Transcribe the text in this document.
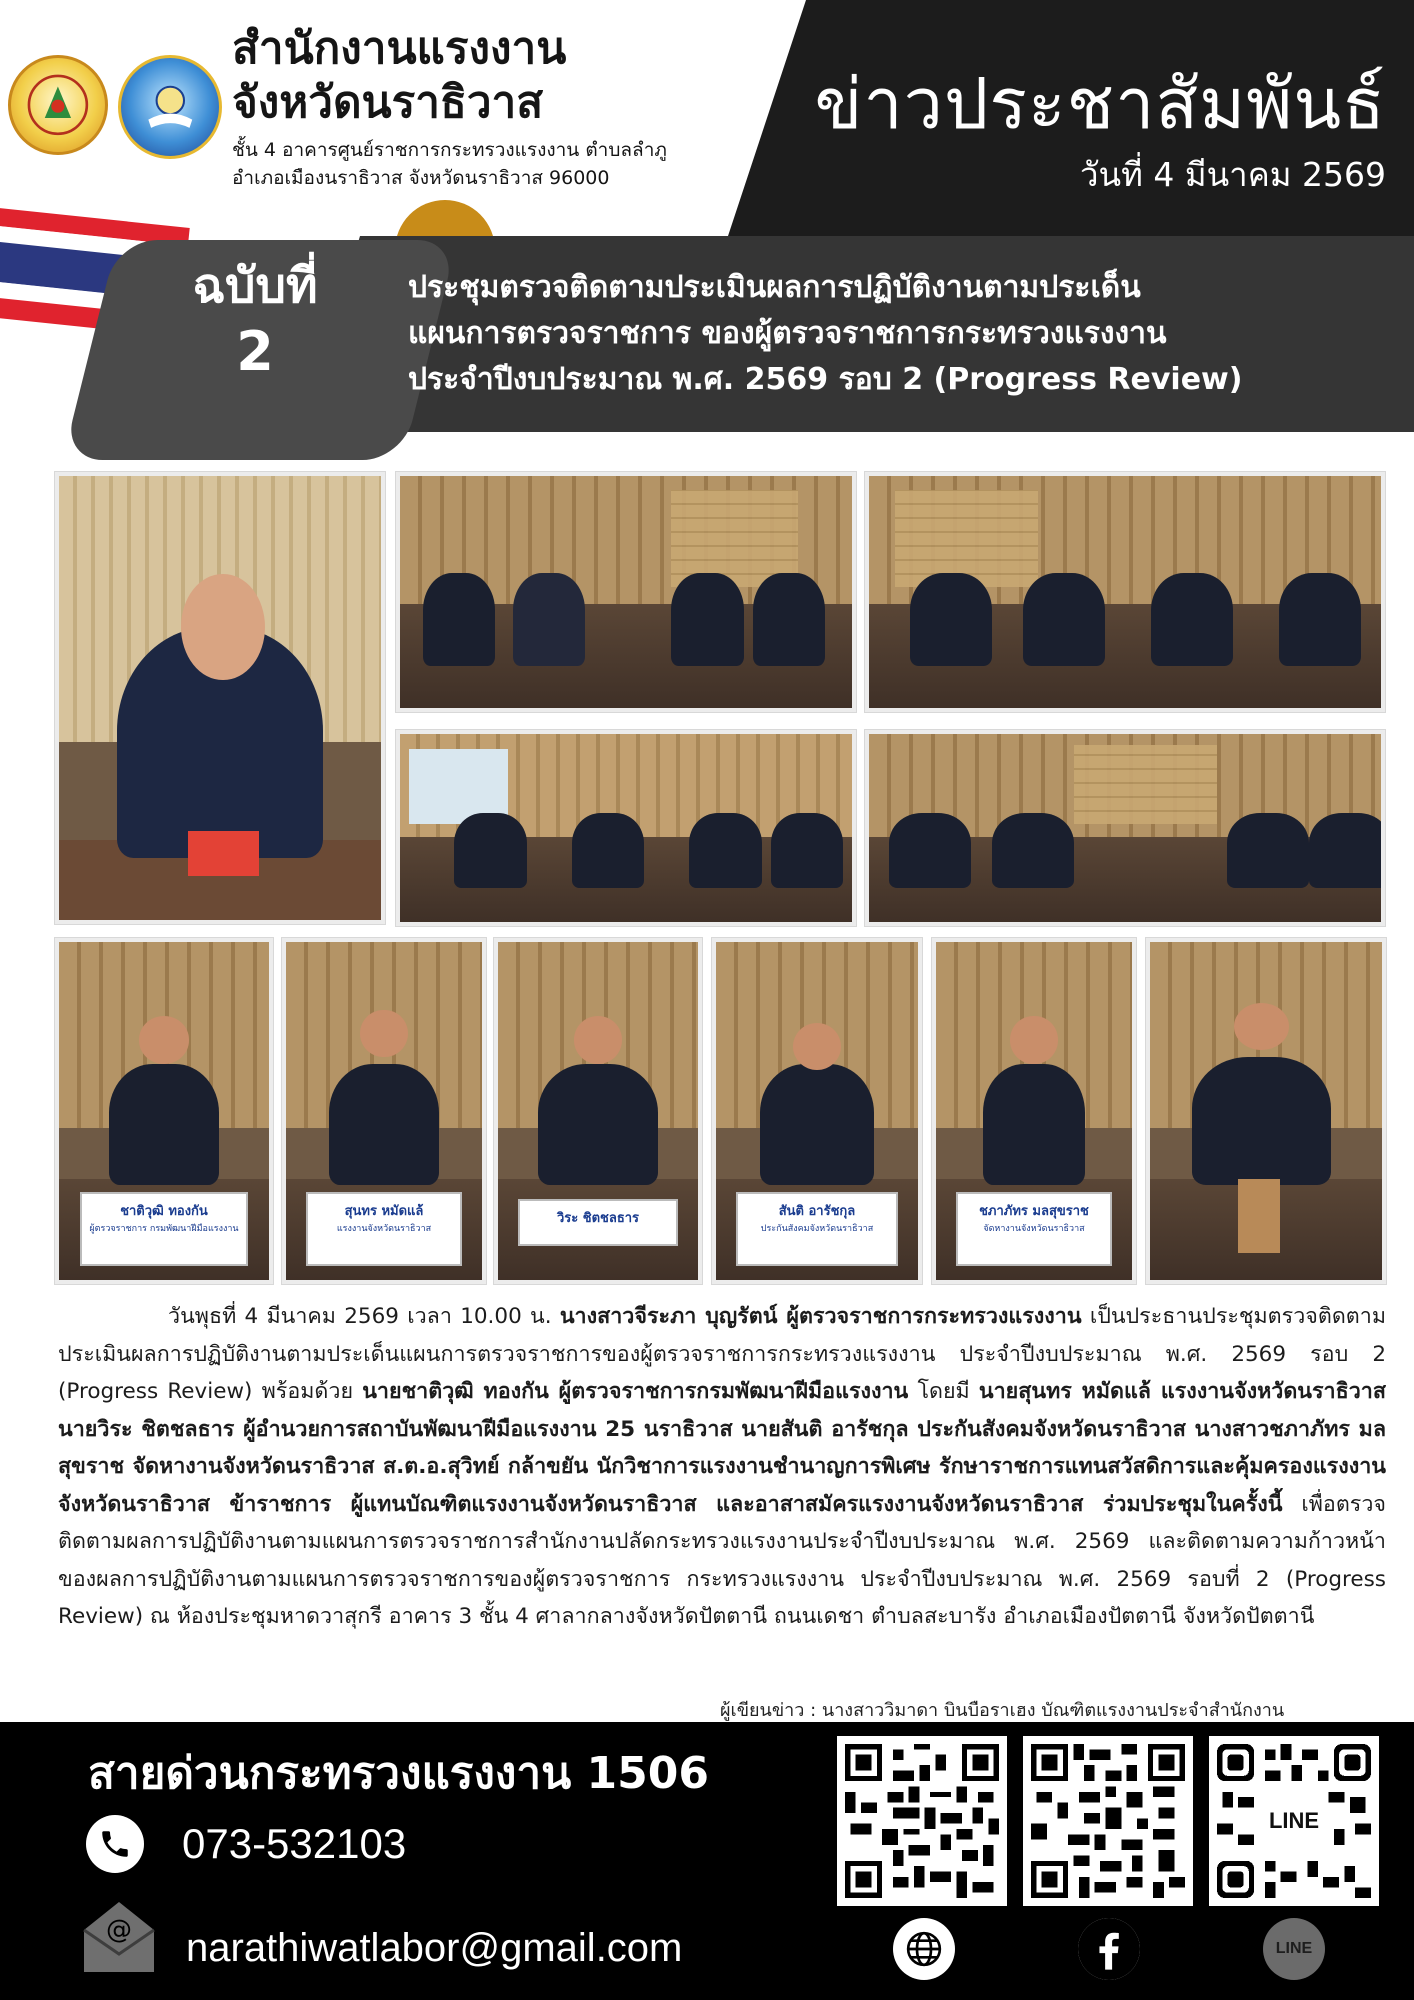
สำนักงานแรงงาน
จังหวัดนราธิวาส
ชั้น 4 อาคารศูนย์ราชการกระทรวงแรงงาน ตำบลลำภู
อำเภอเมืองนราธิวาส จังหวัดนราธิวาส 96000
ข่าวประชาสัมพันธ์
วันที่ 4 มีนาคม 2569
ฉบับที่
2
ประชุมตรวจติดตามประเมินผลการปฏิบัติงานตามประเด็น
แผนการตรวจราชการ ของผู้ตรวจราชการกระทรวงแรงงาน
ประจำปีงบประมาณ พ.ศ. 2569 รอบ 2 (Progress Review)
ชาติวุฒิ ทองกัน
ผู้ตรวจราชการ กรมพัฒนาฝีมือแรงงาน
สุนทร หมัดแล้
แรงงานจังหวัดนราธิวาส
วิระ ชิตชลธาร	สันติ อารัชกุล
ประกันสังคมจังหวัดนราธิวาส
ชภาภัทร มลสุขราช
จัดหางานจังหวัดนราธิวาส
วันพุธที่ 4 มีนาคม 2569 เวลา 10.00 น. นางสาวจีระภา บุญรัตน์ ผู้ตรวจราชการกระทรวงแรงงาน เป็นประธานประชุมตรวจติดตามประเมินผลการปฏิบัติงานตามประเด็นแผนการตรวจราชการของผู้ตรวจราชการกระทรวงแรงงาน ประจำปีงบประมาณ พ.ศ. 2569 รอบ 2 (Progress Review) พร้อมด้วย นายชาติวุฒิ ทองกัน ผู้ตรวจราชการกรมพัฒนาฝีมือแรงงาน โดยมี นายสุนทร หมัดแล้ แรงงานจังหวัดนราธิวาส นายวิระ ชิตชลธาร ผู้อำนวยการสถาบันพัฒนาฝีมือแรงงาน 25 นราธิวาส นายสันติ อารัชกุล ประกันสังคมจังหวัดนราธิวาส นางสาวชภาภัทร มลสุขราช จัดหางานจังหวัดนราธิวาส ส.ต.อ.สุวิทย์ กล้าขยัน นักวิชาการแรงงานชำนาญการพิเศษ รักษาราชการแทนสวัสดิการและคุ้มครองแรงงานจังหวัดนราธิวาส ข้าราชการ ผู้แทนบัณฑิตแรงงานจังหวัดนราธิวาส และอาสาสมัครแรงงานจังหวัดนราธิวาส ร่วมประชุมในครั้งนี้ เพื่อตรวจติดตามผลการปฏิบัติงานตามแผนการตรวจราชการสำนักงานปลัดกระทรวงแรงงานประจำปีงบประมาณ พ.ศ. 2569 และติดตามความก้าวหน้าของผลการปฏิบัติงานตามแผนการตรวจราชการของผู้ตรวจราชการ กระทรวงแรงงาน ประจำปีงบประมาณ พ.ศ. 2569 รอบที่ 2 (Progress Review) ณ ห้องประชุมหาดวาสุกรี อาคาร 3 ชั้น 4 ศาลากลางจังหวัดปัตตานี ถนนเดชา ตำบลสะบารัง อำเภอเมืองปัตตานี จังหวัดปัตตานี
ผู้เขียนข่าว : นางสาววิมาดา บินบือราเฮง บัณฑิตแรงงานประจำสำนักงาน
สายด่วนกระทรวงแรงงาน 1506
073-532103
@ narathiwatlabor@gmail.com
LINE
LINE
